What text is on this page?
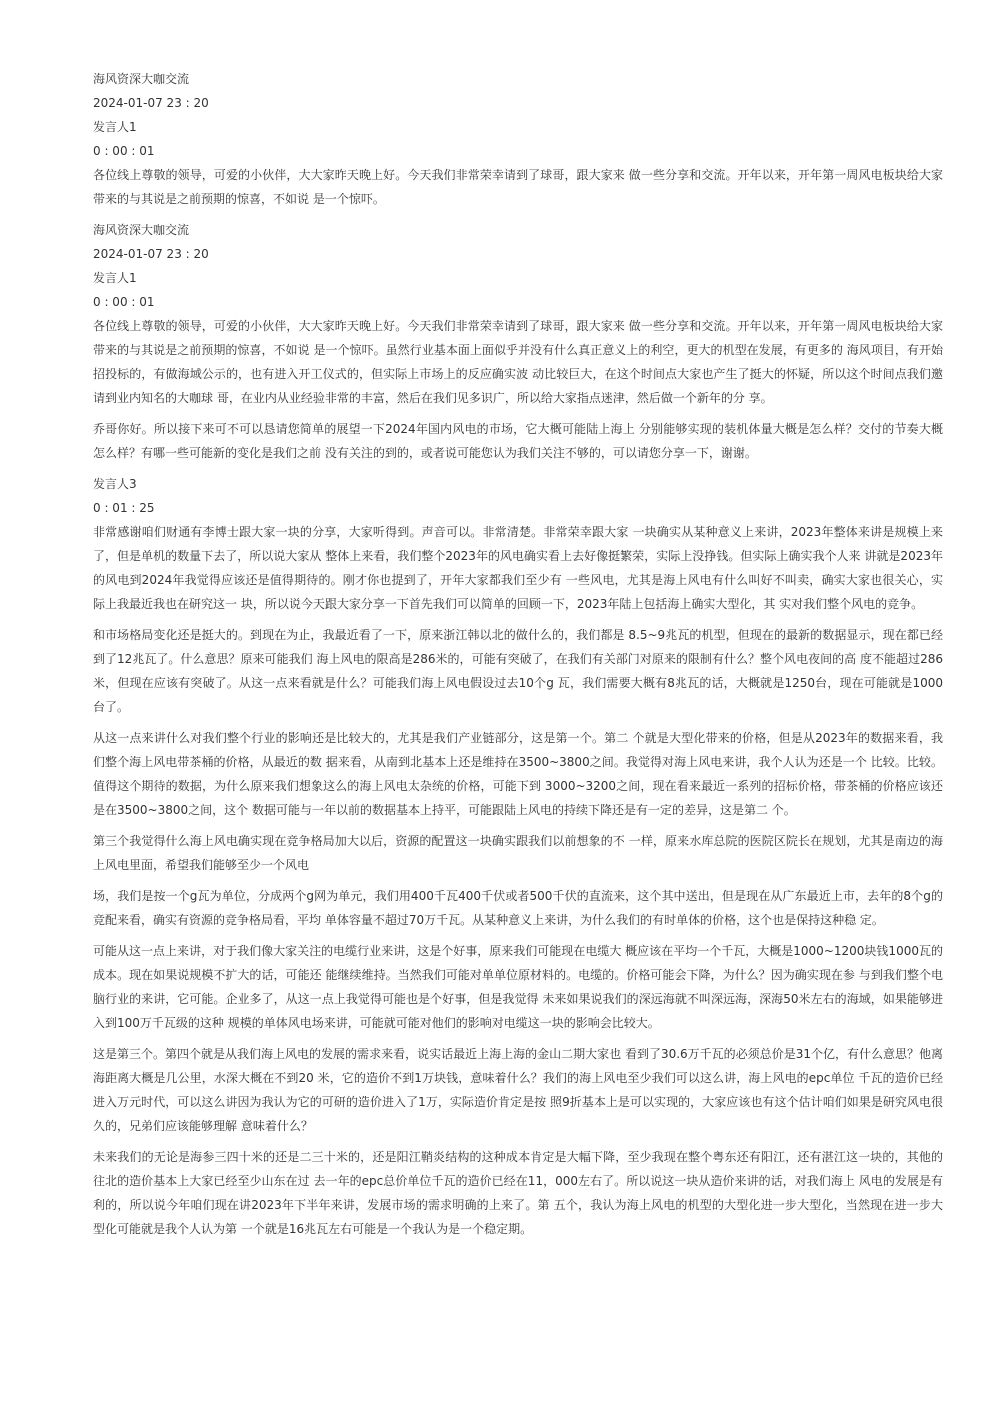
海风资深大咖交流

2024-01-07 23 : 20

发言人1

0 : 00 : 01

各位线上尊敬的领导，可爱的小伙伴，大大家昨天晚上好。今天我们非常荣幸请到了球哥，跟大家来 做一些分享和交流。开年以来，开年第一周风电板块给大家带来的与其说是之前预期的惊喜，不如说 是一个惊吓。

海风资深大咖交流

2024-01-07 23 : 20

发言人1

0 : 00 : 01

各位线上尊敬的领导，可爱的小伙伴，大大家昨天晚上好。今天我们非常荣幸请到了球哥，跟大家来 做一些分享和交流。开年以来，开年第一周风电板块给大家带来的与其说是之前预期的惊喜，不如说 是一个惊吓。虽然行业基本面上面似乎并没有什么真正意义上的利空，更大的机型在发展，有更多的 海风项目，有开始招投标的，有做海域公示的，也有进入开工仪式的，但实际上市场上的反应确实波 动比较巨大，在这个时间点大家也产生了挺大的怀疑，所以这个时间点我们邀请到业内知名的大咖球 哥，在业内从业经验非常的丰富，然后在我们见多识广，所以给大家指点迷津，然后做一个新年的分 享。

乔哥你好。所以接下来可不可以恳请您简单的展望一下2024年国内风电的市场，它大概可能陆上海上 分别能够实现的装机体量大概是怎么样？交付的节奏大概怎么样？有哪一些可能新的变化是我们之前 没有关注的到的，或者说可能您认为我们关注不够的，可以请您分享一下，谢谢。

发言人3

0 : 01 : 25

非常感谢咱们财通有李博士跟大家一块的分享，大家听得到。声音可以。非常清楚。非常荣幸跟大家 一块确实从某种意义上来讲，2023年整体来讲是规模上来了，但是单机的数量下去了，所以说大家从 整体上来看，我们整个2023年的风电确实看上去好像挺繁荣，实际上没挣钱。但实际上确实我个人来 讲就是2023年的风电到2024年我觉得应该还是值得期待的。刚才你也提到了，开年大家都我们至少有 一些风电，尤其是海上风电有什么叫好不叫卖，确实大家也很关心，实际上我最近我也在研究这一 块，所以说今天跟大家分享一下首先我们可以简单的回顾一下，2023年陆上包括海上确实大型化，其 实对我们整个风电的竞争。

和市场格局变化还是挺大的。到现在为止，我最近看了一下，原来浙江韩以北的做什么的，我们都是 8.5~9兆瓦的机型，但现在的最新的数据显示，现在都已经到了12兆瓦了。什么意思？原来可能我们 海上风电的限高是286米的，可能有突破了，在我们有关部门对原来的限制有什么？整个风电夜间的高 度不能超过286米，但现在应该有突破了。从这一点来看就是什么？可能我们海上风电假设过去10个g 瓦，我们需要大概有8兆瓦的话，大概就是1250台，现在可能就是1000台了。

从这一点来讲什么对我们整个行业的影响还是比较大的，尤其是我们产业链部分，这是第一个。第二 个就是大型化带来的价格，但是从2023年的数据来看，我们整个海上风电带茶桶的价格，从最近的数 据来看，从南到北基本上还是维持在3500~3800之间。我觉得对海上风电来讲，我个人认为还是一个 比较。比较。值得这个期待的数据，为什么原来我们想象这么的海上风电太杂统的价格，可能下到 3000~3200之间，现在看来最近一系列的招标价格，带茶桶的价格应该还是在3500~3800之间，这个 数据可能与一年以前的数据基本上持平，可能跟陆上风电的持续下降还是有一定的差异，这是第二 个。

第三个我觉得什么海上风电确实现在竞争格局加大以后，资源的配置这一块确实跟我们以前想象的不 一样，原来水库总院的医院区院长在规划，尤其是南边的海上风电里面，希望我们能够至少一个风电

场，我们是按一个g瓦为单位，分成两个g网为单元，我们用400千瓦400千伏或者500千伏的直流来，这个其中送出，但是现在从广东最近上市，去年的8个g的竞配来看，确实有资源的竞争格局看，平均 单体容量不超过70万千瓦。从某种意义上来讲，为什么我们的有时单体的价格，这个也是保持这种稳 定。

可能从这一点上来讲，对于我们像大家关注的电缆行业来讲，这是个好事，原来我们可能现在电缆大 概应该在平均一个千瓦，大概是1000~1200块钱1000瓦的成本。现在如果说规模不扩大的话，可能还 能继续维持。当然我们可能对单单位原材料的。电缆的。价格可能会下降，为什么？因为确实现在参 与到我们整个电脑行业的来讲，它可能。企业多了，从这一点上我觉得可能也是个好事，但是我觉得 未来如果说我们的深远海就不叫深远海，深海50米左右的海域，如果能够进入到100万千瓦级的这种 规模的单体风电场来讲，可能就可能对他们的影响对电缆这一块的影响会比较大。

这是第三个。第四个就是从我们海上风电的发展的需求来看，说实话最近上海上海的金山二期大家也 看到了30.6万千瓦的必须总价是31个亿，有什么意思？他离海距离大概是几公里，水深大概在不到20 米，它的造价不到1万块钱，意味着什么？我们的海上风电至少我们可以这么讲，海上风电的epc单位 千瓦的造价已经进入万元时代，可以这么讲因为我认为它的可研的造价进入了1万，实际造价肯定是按 照9折基本上是可以实现的，大家应该也有这个估计咱们如果是研究风电很久的，兄弟们应该能够理解 意味着什么？

未来我们的无论是海参三四十米的还是二三十米的，还是阳江鞘炎结构的这种成本肯定是大幅下降，至少我现在整个粤东还有阳江，还有湛江这一块的，其他的往北的造价基本上大家已经至少山东在过 去一年的epc总价单位千瓦的造价已经在11，000左右了。所以说这一块从造价来讲的话，对我们海上 风电的发展是有利的，所以说今年咱们现在讲2023年下半年来讲，发展市场的需求明确的上来了。第 五个，我认为海上风电的机型的大型化进一步大型化，当然现在进一步大型化可能就是我个人认为第 一个就是16兆瓦左右可能是一个我认为是一个稳定期。
